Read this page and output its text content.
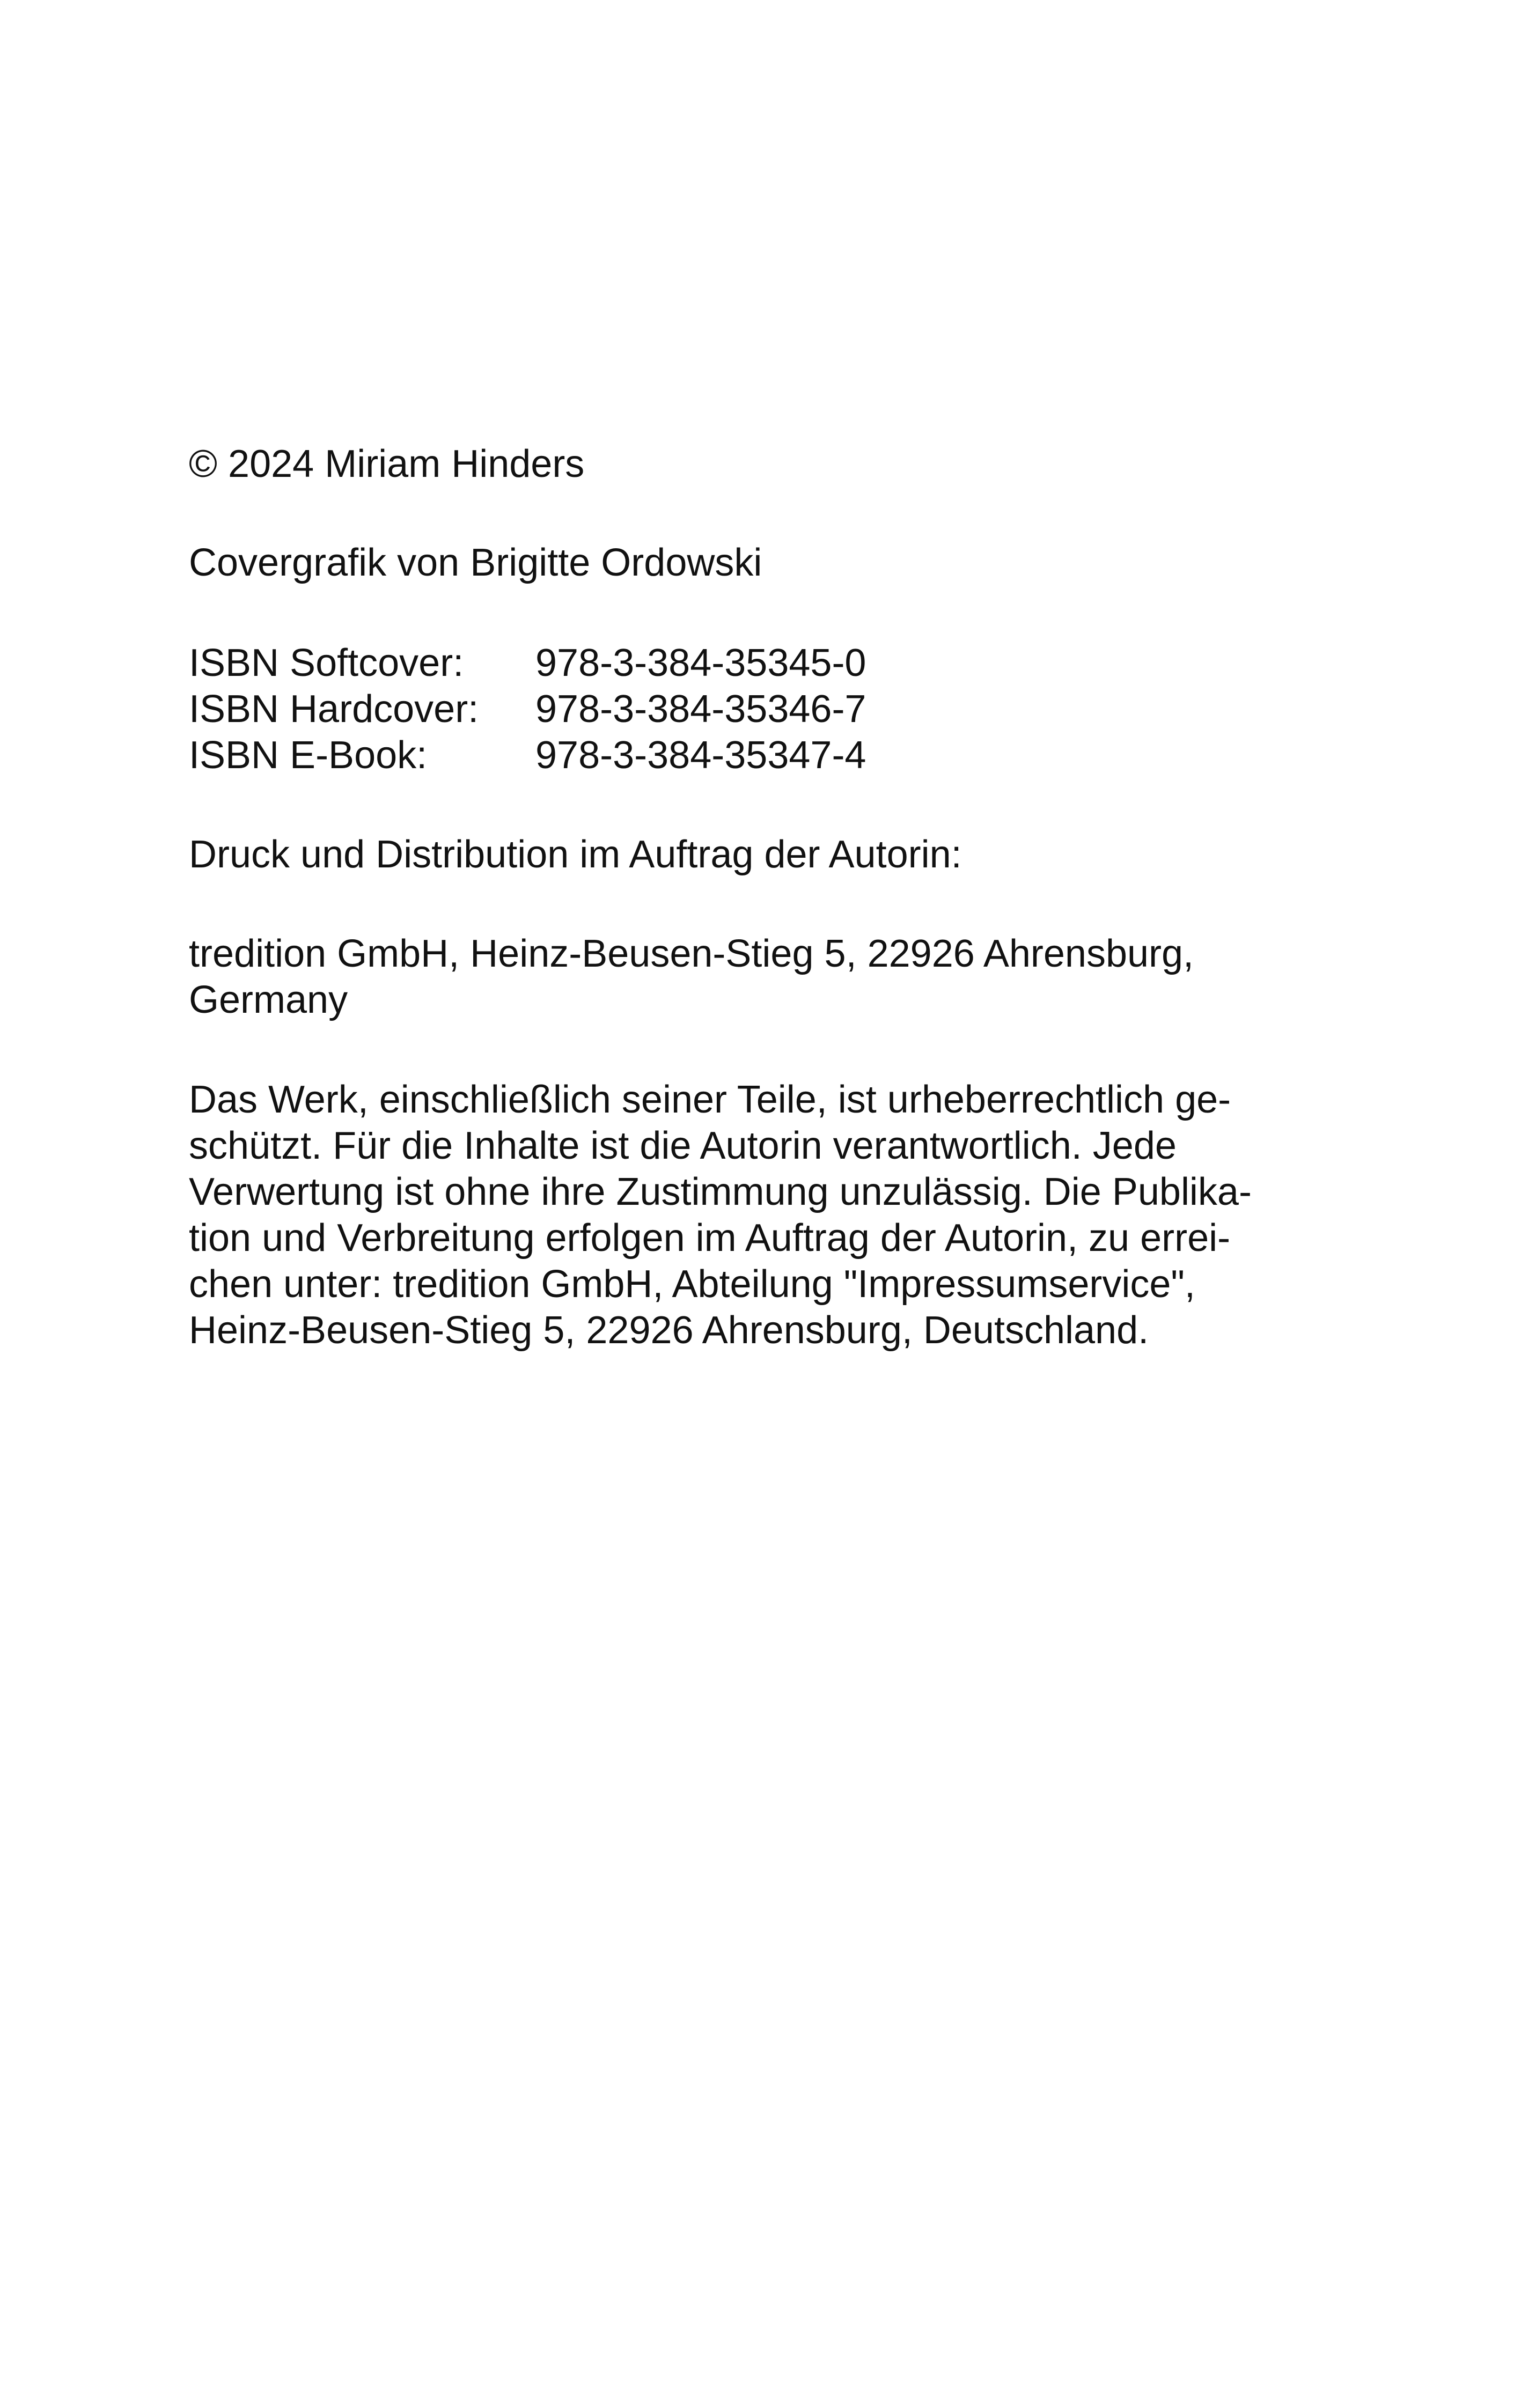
© 2024 Miriam Hinders
Covergrafik von Brigitte Ordowski
ISBN Softcover: 978-3-384-35345-0
ISBN Hardcover: 978-3-384-35346-7
ISBN E-Book:	978-3-384-35347-4
Druck und Distribution im Auftrag der Autorin:
tredition GmbH, Heinz-Beusen-Stieg 5, 22926 Ahrensburg,
Germany
Das Werk, einschließlich seiner Teile, ist urheberrechtlich ge-
schützt. Für die Inhalte ist die Autorin verantwortlich. Jede
Verwertung ist ohne ihre Zustimmung unzulässig. Die Publika-
tion und Verbreitung erfolgen im Auftrag der Autorin, zu errei-
chen unter: tredition GmbH, Abteilung "Impressumservice",
Heinz-Beusen-Stieg 5, 22926 Ahrensburg, Deutschland.
